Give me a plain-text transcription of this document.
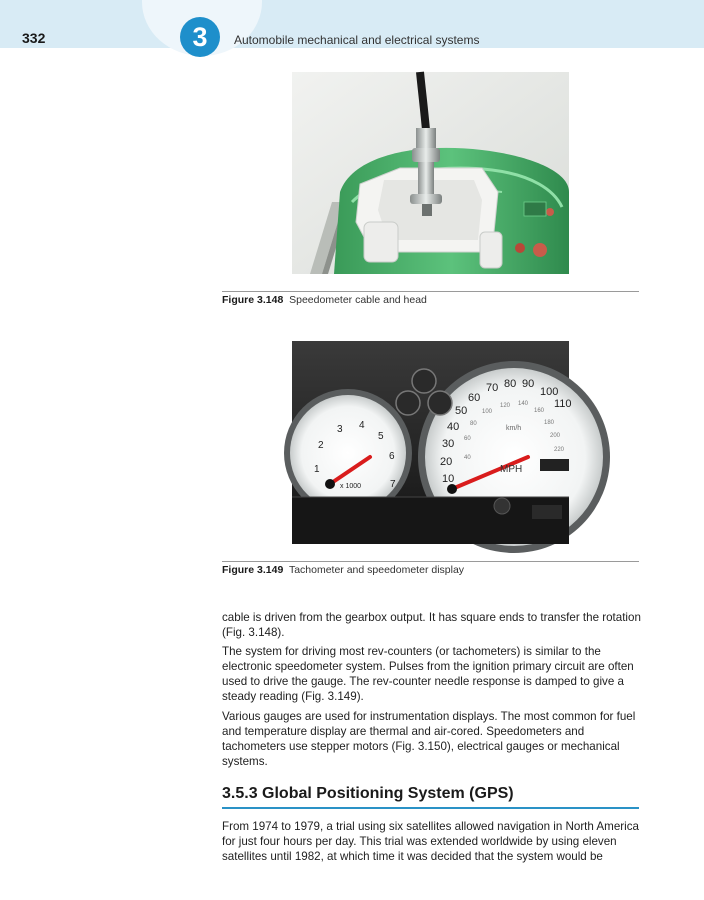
3
332	Automobile mechanical and electrical systems
Figure 3.148 Speedometer cable and head
1
2
3 4
5
6
7
x 1000
10
20
30
40
50
60
70 80 90
100
110
40
60
80
100
120 140
160
180
200
220
km/h
MPH
Figure 3.149 Tachometer and speedometer display

cable is driven from the gearbox output. It has square ends to transfer the rotation (Fig. 3.148).

The system for driving most rev-counters (or tachometers) is similar to the electronic speedometer system. Pulses from the ignition primary circuit are often used to drive the gauge. The rev-counter needle response is damped to give a steady reading (Fig. 3.149).

Various gauges are used for instrumentation displays. The most common for fuel and temperature display are thermal and air-cored. Speedometers and tachometers use stepper motors (Fig. 3.150), electrical gauges or mechanical systems.

3.5.3 Global Positioning System (GPS)

From 1974 to 1979, a trial using six satellites allowed navigation in North America for just four hours per day. This trial was extended worldwide by using eleven satellites until 1982, at which time it was decided that the system would be
